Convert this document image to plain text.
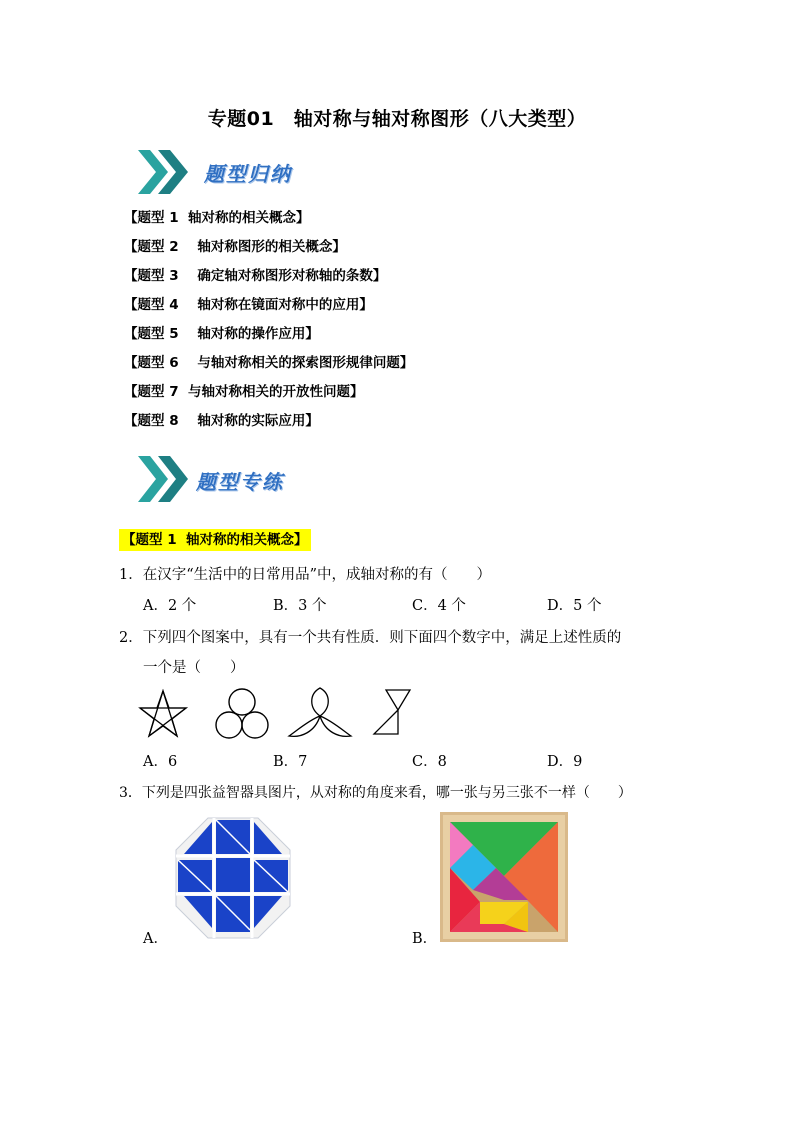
专题01　轴对称与轴对称图形（八大类型）
题型归纳
【题型 1  轴对称的相关概念】
【题型 2    轴对称图形的相关概念】
【题型 3    确定轴对称图形对称轴的条数】
【题型 4    轴对称在镜面对称中的应用】
【题型 5    轴对称的操作应用】
【题型 6    与轴对称相关的探索图形规律问题】
【题型 7  与轴对称相关的开放性问题】
【题型 8    轴对称的实际应用】
题型专练
【题型 1  轴对称的相关概念】
1．在汉字“生活中的日常用品”中，成轴对称的有（　　）
A．2 个	B．3 个	C．4 个	D．5 个
2．下列四个图案中，具有一个共有性质．则下面四个数字中，满足上述性质的
一个是（　　）
A．6	B．7	C．8	D．9
3．下列是四张益智器具图片，从对称的角度来看，哪一张与另三张不一样（　　）
A．	B．
